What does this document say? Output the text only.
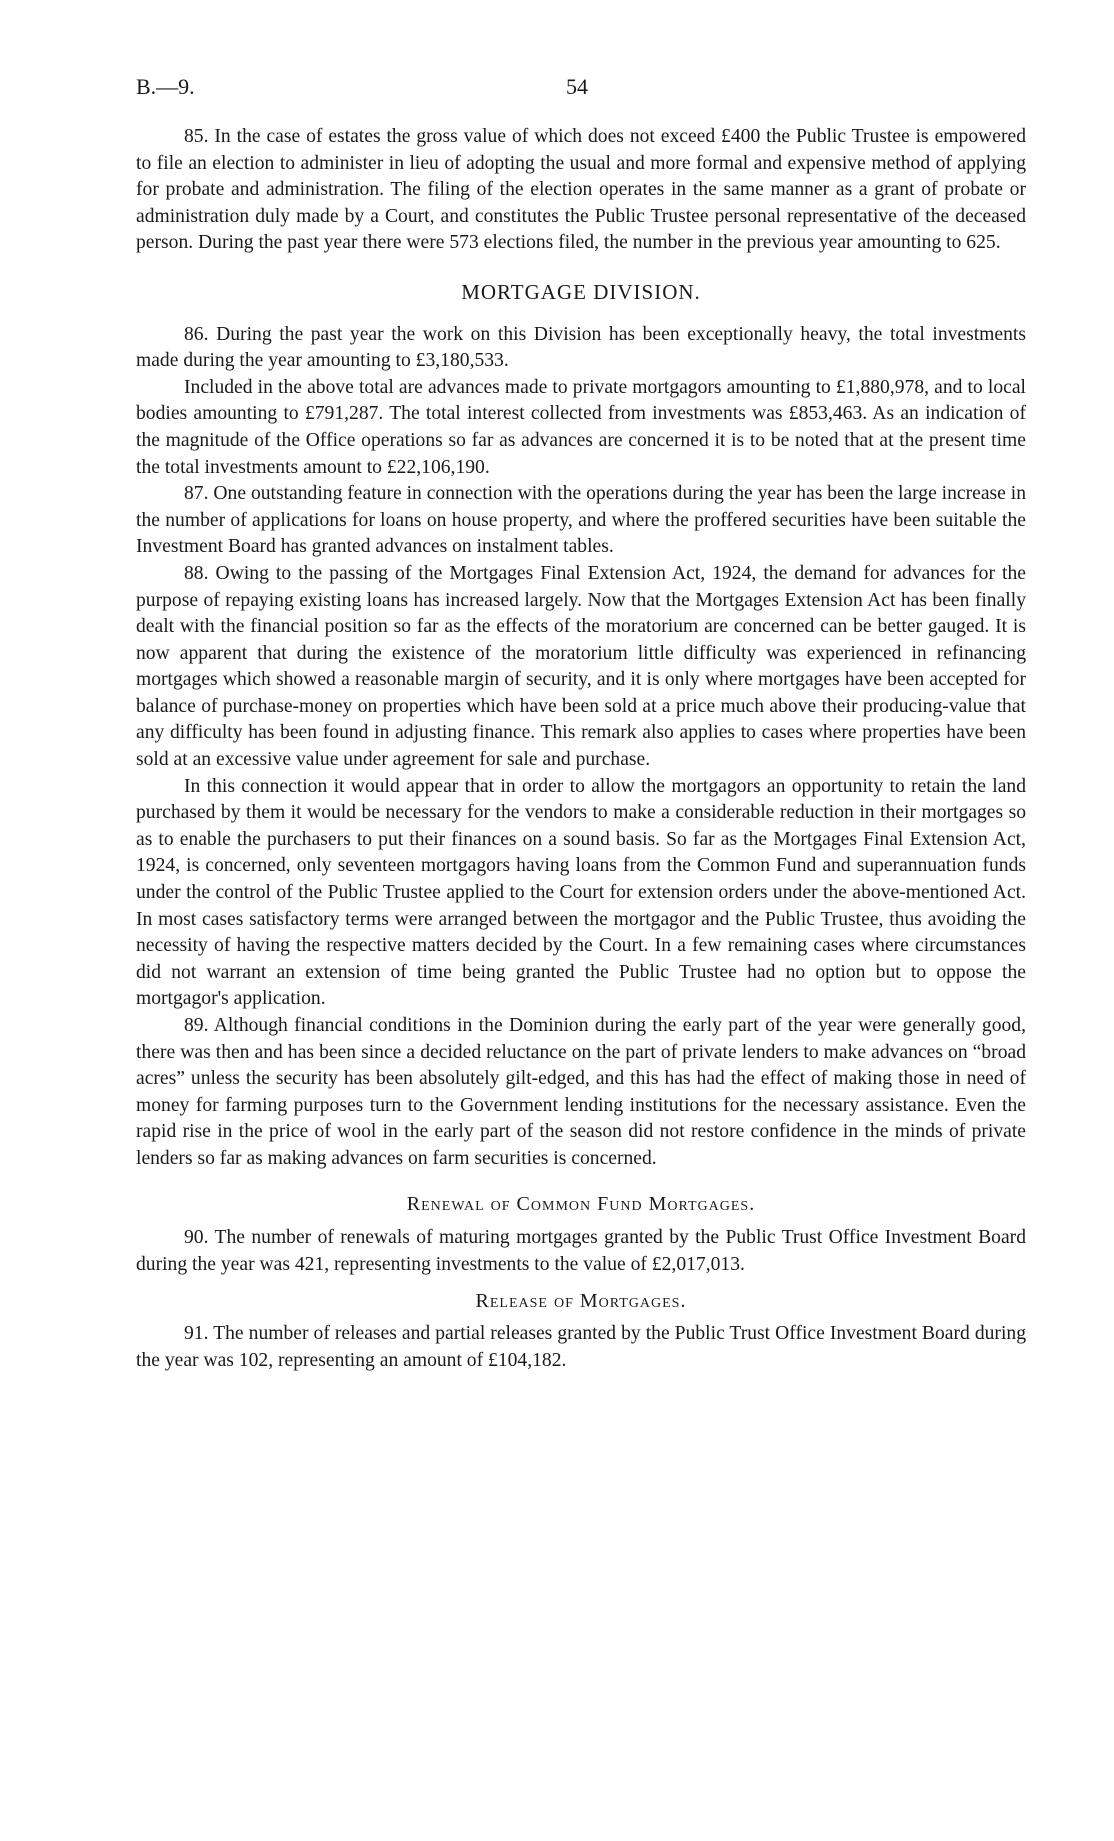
B.—9.	54

85. In the case of estates the gross value of which does not exceed £400 the Public Trustee is empowered to file an election to administer in lieu of adopting the usual and more formal and expensive method of applying for probate and administration. The filing of the election operates in the same manner as a grant of probate or administration duly made by a Court, and constitutes the Public Trustee personal representative of the deceased person. During the past year there were 573 elections filed, the number in the previous year amounting to 625.

MORTGAGE DIVISION.

86. During the past year the work on this Division has been exceptionally heavy, the total investments made during the year amounting to £3,180,533.

Included in the above total are advances made to private mortgagors amounting to £1,880,978, and to local bodies amounting to £791,287. The total interest collected from investments was £853,463. As an indication of the magnitude of the Office operations so far as advances are concerned it is to be noted that at the present time the total investments amount to £22,106,190.

87. One outstanding feature in connection with the operations during the year has been the large increase in the number of applications for loans on house property, and where the proffered securities have been suitable the Investment Board has granted advances on instalment tables.

88. Owing to the passing of the Mortgages Final Extension Act, 1924, the demand for advances for the purpose of repaying existing loans has increased largely. Now that the Mortgages Extension Act has been finally dealt with the financial position so far as the effects of the moratorium are concerned can be better gauged. It is now apparent that during the existence of the moratorium little difficulty was experienced in refinancing mortgages which showed a reasonable margin of security, and it is only where mortgages have been accepted for balance of purchase-money on properties which have been sold at a price much above their producing-value that any difficulty has been found in adjusting finance. This remark also applies to cases where properties have been sold at an excessive value under agreement for sale and purchase.

In this connection it would appear that in order to allow the mortgagors an opportunity to retain the land purchased by them it would be necessary for the vendors to make a considerable reduction in their mortgages so as to enable the purchasers to put their finances on a sound basis. So far as the Mortgages Final Extension Act, 1924, is concerned, only seventeen mortgagors having loans from the Common Fund and superannuation funds under the control of the Public Trustee applied to the Court for extension orders under the above-mentioned Act. In most cases satisfactory terms were arranged between the mortgagor and the Public Trustee, thus avoiding the necessity of having the respective matters decided by the Court. In a few remaining cases where circumstances did not warrant an extension of time being granted the Public Trustee had no option but to oppose the mortgagor's application.

89. Although financial conditions in the Dominion during the early part of the year were generally good, there was then and has been since a decided reluctance on the part of private lenders to make advances on “broad acres” unless the security has been absolutely gilt-edged, and this has had the effect of making those in need of money for farming purposes turn to the Government lending institutions for the necessary assistance. Even the rapid rise in the price of wool in the early part of the season did not restore confidence in the minds of private lenders so far as making advances on farm securities is concerned.

Renewal of Common Fund Mortgages.

90. The number of renewals of maturing mortgages granted by the Public Trust Office Investment Board during the year was 421, representing investments to the value of £2,017,013.

Release of Mortgages.

91. The number of releases and partial releases granted by the Public Trust Office Investment Board during the year was 102, representing an amount of £104,182.
